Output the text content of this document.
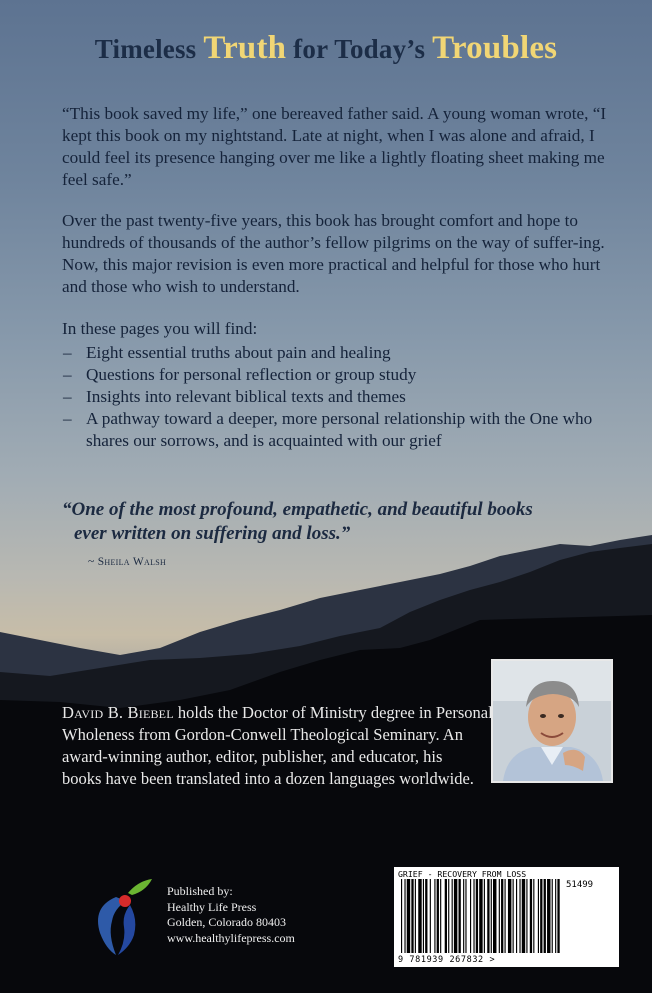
Timeless Truth for Today’s Troubles
“This book saved my life,” one bereaved father said. A young woman wrote, “I kept this book on my nightstand. Late at night, when I was alone and afraid, I could feel its presence hanging over me like a lightly floating sheet making me feel safe.”
Over the past twenty-five years, this book has brought comfort and hope to hundreds of thousands of the author’s fellow pilgrims on the way of suffer-ing. Now, this major revision is even more practical and helpful for those who hurt and those who wish to understand.
In these pages you will find:
– Eight essential truths about pain and healing
– Questions for personal reflection or group study
– Insights into relevant biblical texts and themes
– A pathway toward a deeper, more personal relationship with the One who shares our sorrows, and is acquainted with our grief
“One of the most profound, empathetic, and beautiful books
ever written on suffering and loss.”
~ Sheila Walsh
David B. Biebel holds the Doctor of Ministry degree in Personal
Wholeness from Gordon-Conwell Theological Seminary. An award-winning author, editor, publisher, and educator, his books have been translated into a dozen languages worldwide.
Published by:
Healthy Life Press
Golden, Colorado 80403
www.healthylifepress.com
GRIEF - RECOVERY FROM LOSS
51499
9 781939 267832 >
